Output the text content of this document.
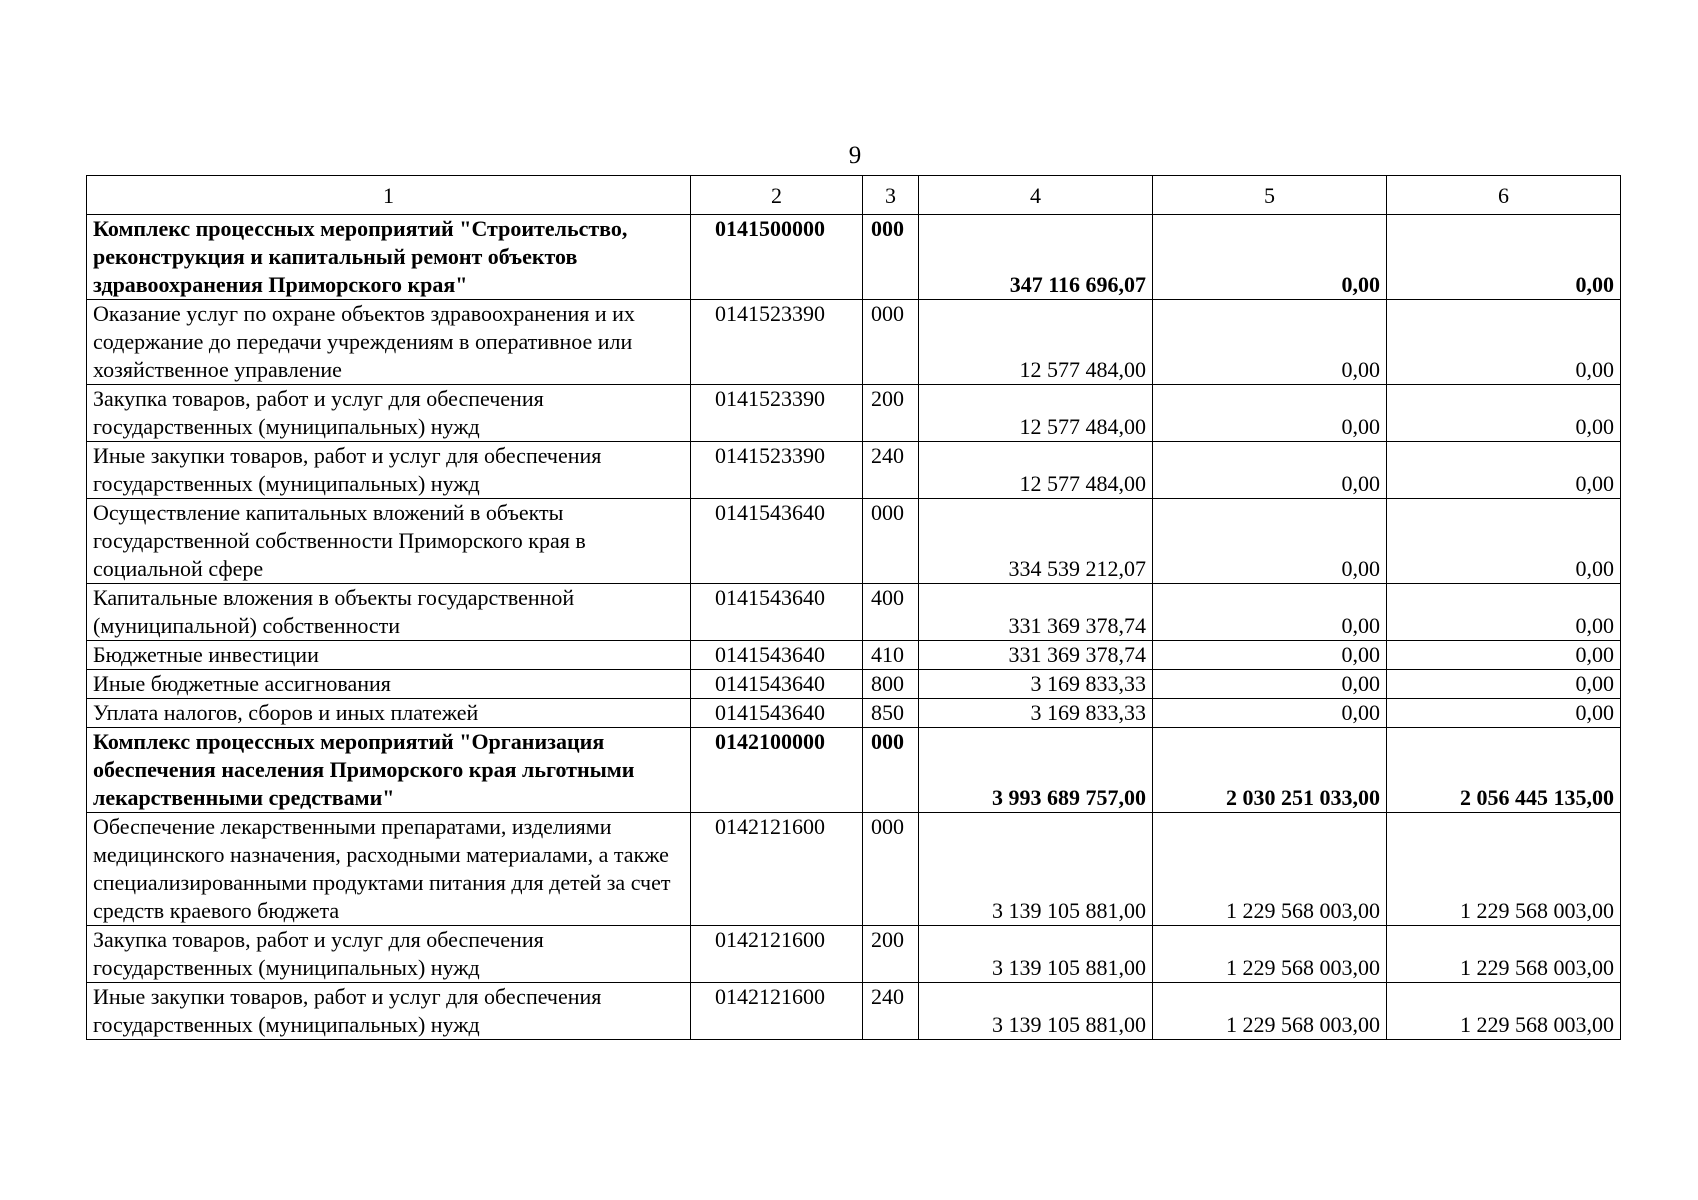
9
1	2	3	4	5	6
Комплекс процессных мероприятий "Строительство, реконструкция и капитальный ремонт объектов здравоохранения Приморского края"	0141500000	000	347 116 696,07	0,00	0,00
Оказание услуг по охране объектов здравоохранения и их содержание до передачи учреждениям в оперативное или хозяйственное управление	0141523390	000	12 577 484,00	0,00	0,00
Закупка товаров, работ и услуг для обеспечения государственных (муниципальных) нужд	0141523390	200	12 577 484,00	0,00	0,00
Иные закупки товаров, работ и услуг для обеспечения государственных (муниципальных) нужд	0141523390	240	12 577 484,00	0,00	0,00
Осуществление капитальных вложений в объекты государственной собственности Приморского края в социальной сфере	0141543640	000	334 539 212,07	0,00	0,00
Капитальные вложения в объекты государственной (муниципальной) собственности	0141543640	400	331 369 378,74	0,00	0,00
Бюджетные инвестиции	0141543640	410	331 369 378,74	0,00	0,00
Иные бюджетные ассигнования	0141543640	800	3 169 833,33	0,00	0,00
Уплата налогов, сборов и иных платежей	0141543640	850	3 169 833,33	0,00	0,00
Комплекс процессных мероприятий "Организация обеспечения населения Приморского края льготными лекарственными средствами"	0142100000	000	3 993 689 757,00	2 030 251 033,00	2 056 445 135,00
Обеспечение лекарственными препаратами, изделиями медицинского назначения, расходными материалами, а также специализированными продуктами питания для детей за счет средств краевого бюджета	0142121600	000	3 139 105 881,00	1 229 568 003,00	1 229 568 003,00
Закупка товаров, работ и услуг для обеспечения государственных (муниципальных) нужд	0142121600	200	3 139 105 881,00	1 229 568 003,00	1 229 568 003,00
Иные закупки товаров, работ и услуг для обеспечения государственных (муниципальных) нужд	0142121600	240	3 139 105 881,00	1 229 568 003,00	1 229 568 003,00
